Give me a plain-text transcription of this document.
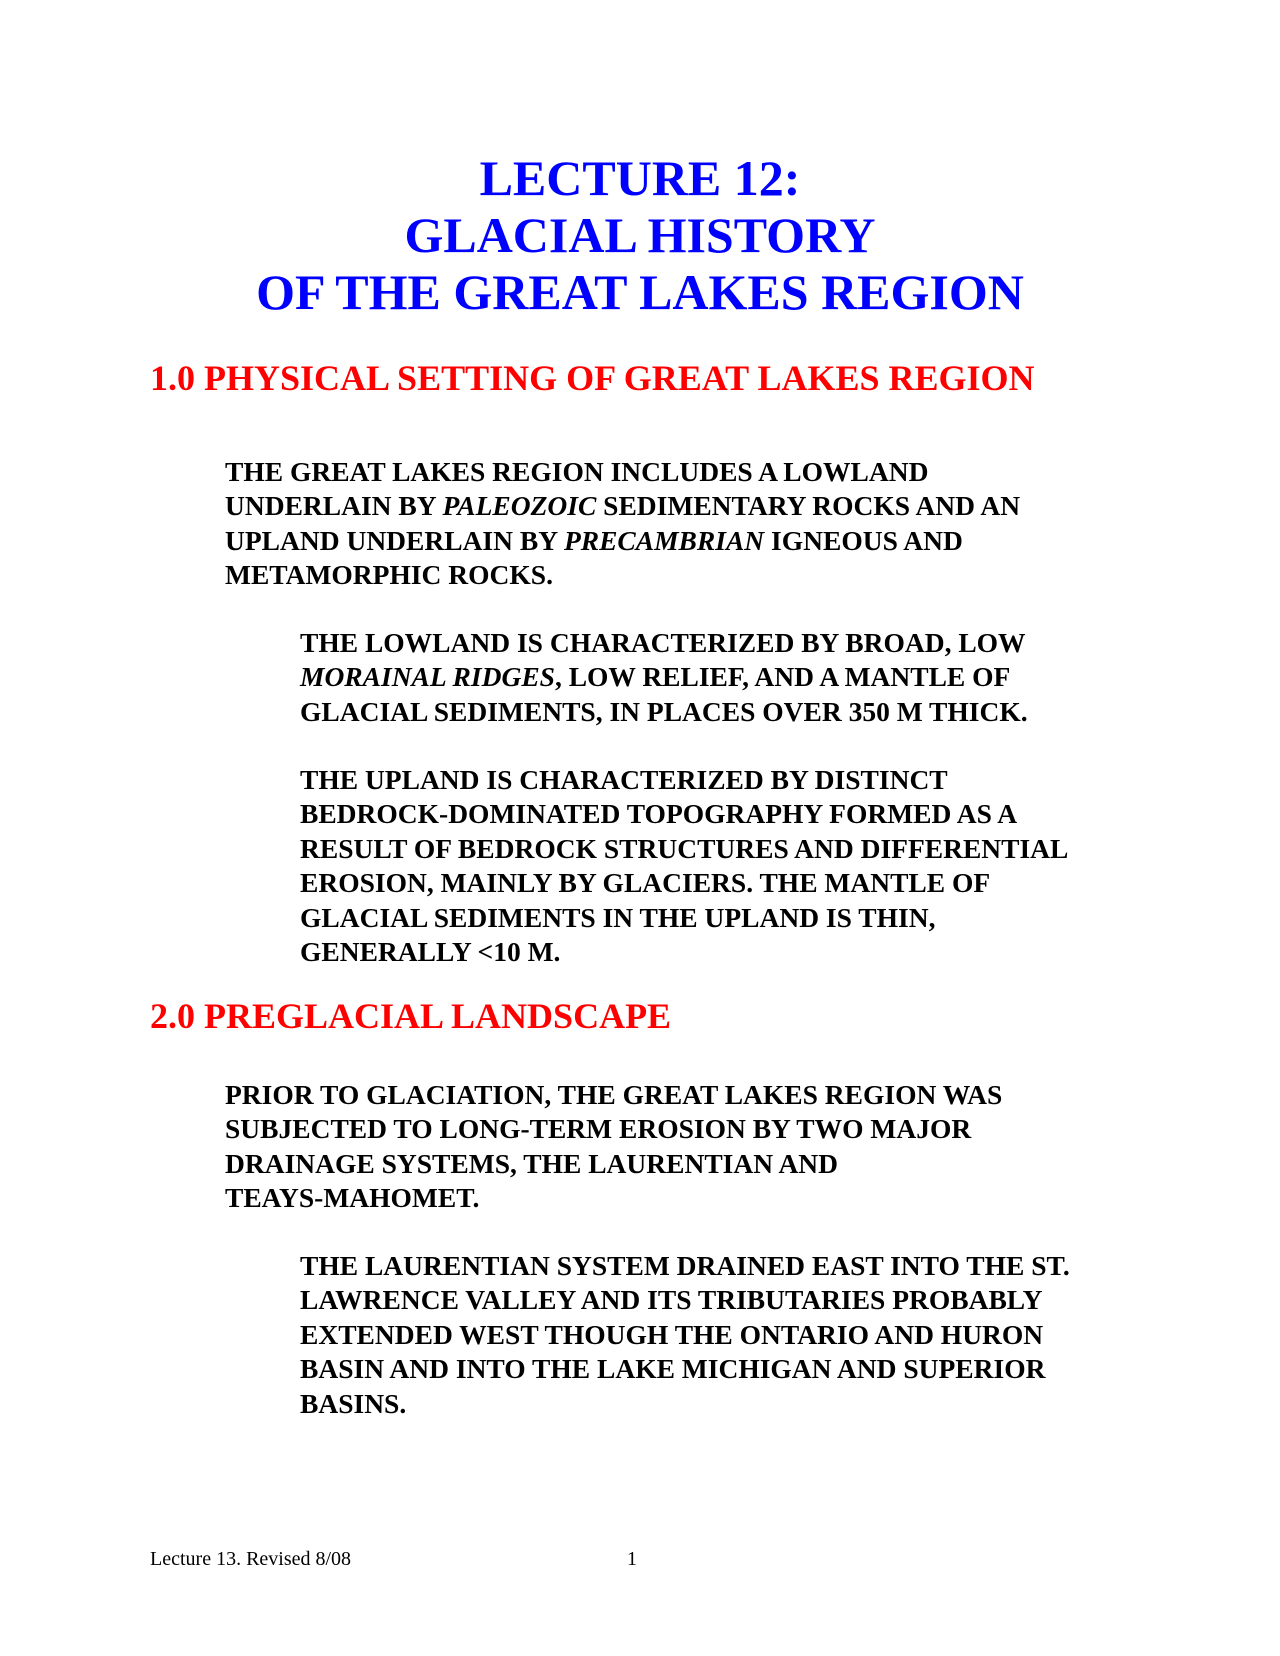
LECTURE 12:
GLACIAL HISTORY
OF THE GREAT LAKES REGION
1.0 PHYSICAL SETTING OF GREAT LAKES REGION
THE GREAT LAKES REGION INCLUDES A LOWLAND
UNDERLAIN BY PALEOZOIC SEDIMENTARY ROCKS AND AN
UPLAND UNDERLAIN BY PRECAMBRIAN IGNEOUS AND
METAMORPHIC ROCKS.
THE LOWLAND IS CHARACTERIZED BY BROAD, LOW
MORAINAL RIDGES, LOW RELIEF, AND A MANTLE OF
GLACIAL SEDIMENTS, IN PLACES OVER 350 M THICK.
THE UPLAND IS CHARACTERIZED BY DISTINCT
BEDROCK-DOMINATED TOPOGRAPHY FORMED AS A
RESULT OF BEDROCK STRUCTURES AND DIFFERENTIAL
EROSION, MAINLY BY GLACIERS. THE MANTLE OF
GLACIAL SEDIMENTS IN THE UPLAND IS THIN,
GENERALLY <10 M.
2.0 PREGLACIAL LANDSCAPE
PRIOR TO GLACIATION, THE GREAT LAKES REGION WAS
SUBJECTED TO LONG-TERM EROSION BY TWO MAJOR
DRAINAGE SYSTEMS, THE LAURENTIAN AND
TEAYS-MAHOMET.
THE LAURENTIAN SYSTEM DRAINED EAST INTO THE ST.
LAWRENCE VALLEY AND ITS TRIBUTARIES PROBABLY
EXTENDED WEST THOUGH THE ONTARIO AND HURON
BASIN AND INTO THE LAKE MICHIGAN AND SUPERIOR
BASINS.
Lecture 13. Revised 8/08	1
